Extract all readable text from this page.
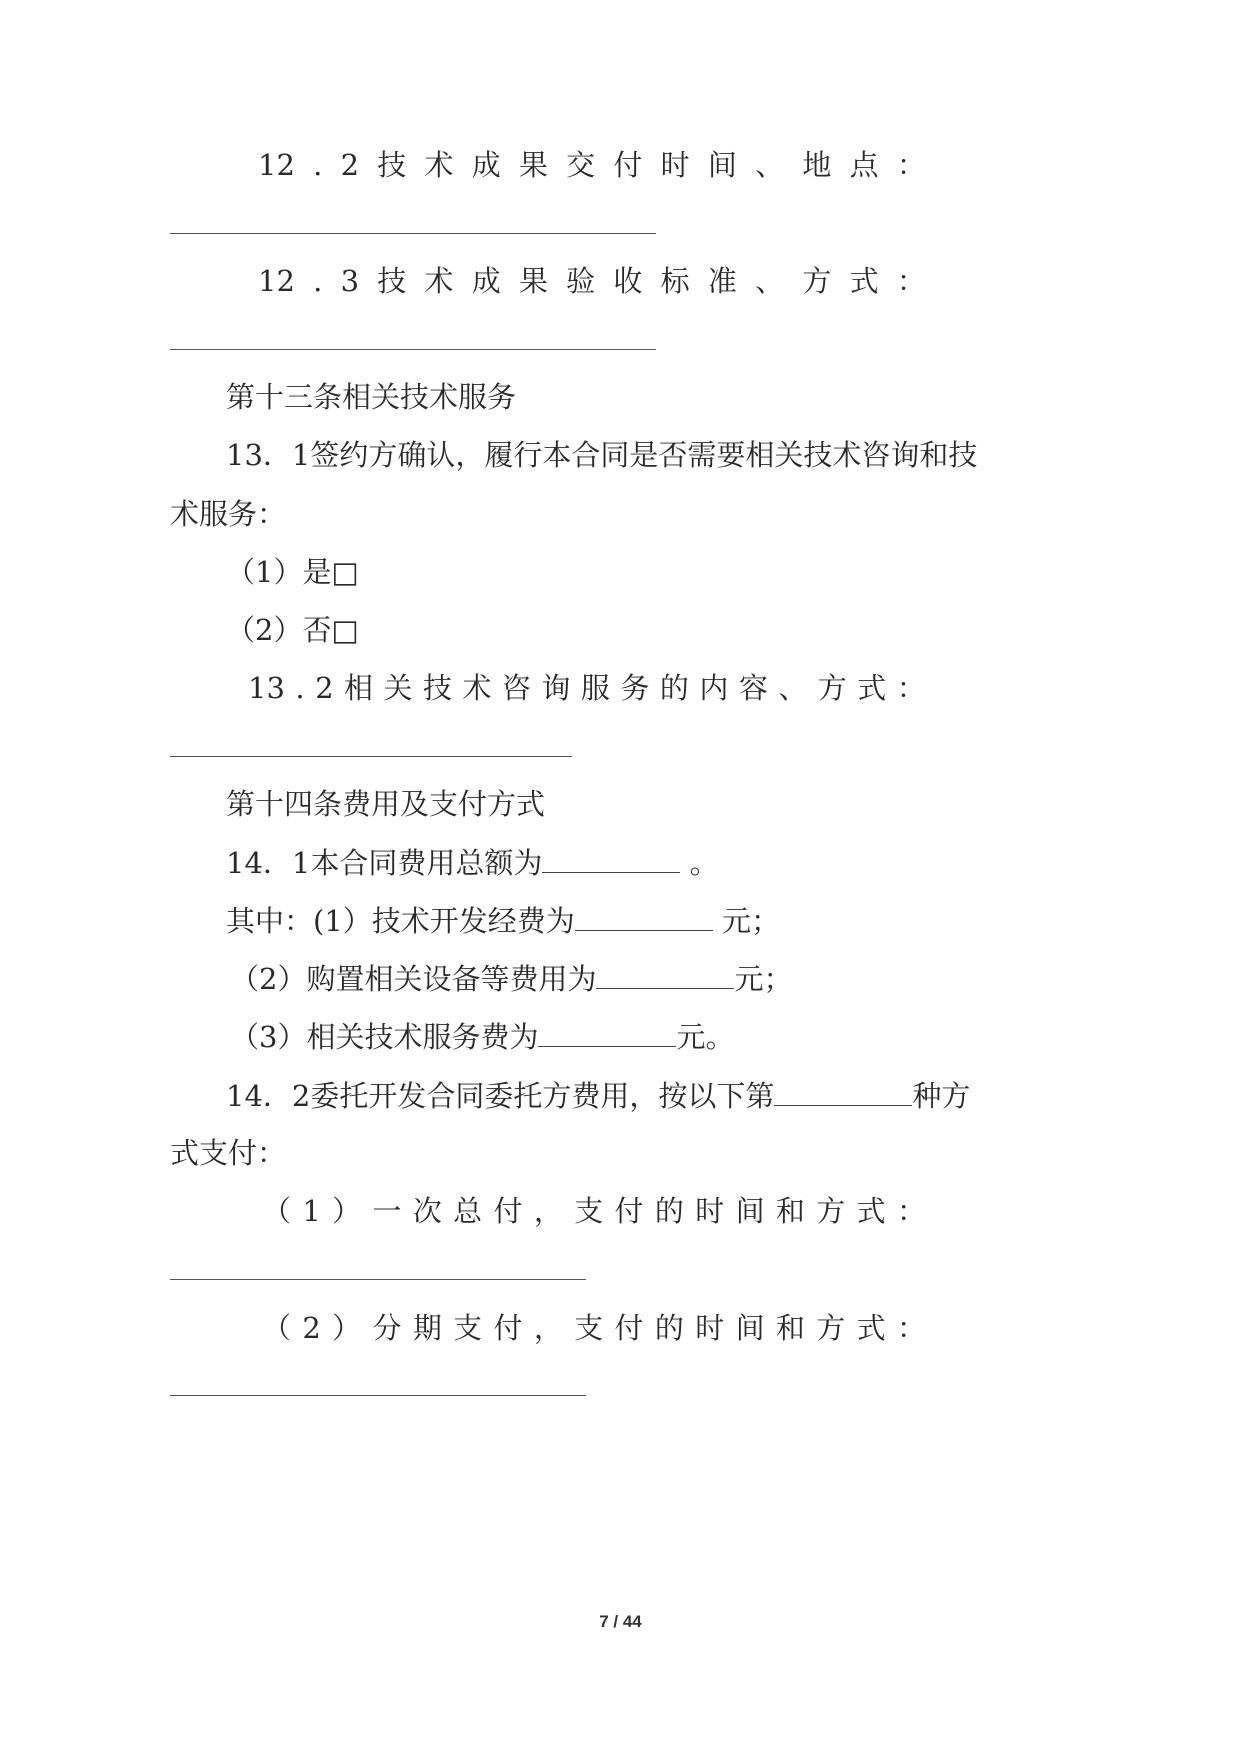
12 . 2 技 术 成 果 交 付 时 间 、 地 点 ：
12 . 3 技 术 成 果 验 收 标 准 、 方 式 ：
第十三条相关技术服务
13．1签约方确认，履行本合同是否需要相关技术咨询和技
术服务：
（1）是□
（2）否□
13 . 2 相 关 技 术 咨 询 服 务 的 内 容 、 方 式 ：
第十四条费用及支付方式
14．1本合同费用总额为	。
其中：(1）技术开发经费为	元；
（2）购置相关设备等费用为	元；
（3）相关技术服务费为	元。
14．2委托开发合同委托方费用，按以下第	种方
式支付：
（ 1 ） 一 次 总 付 ， 支 付 的 时 间 和 方 式 ：
（ 2 ） 分 期 支 付 ， 支 付 的 时 间 和 方 式 ：
7 / 44
